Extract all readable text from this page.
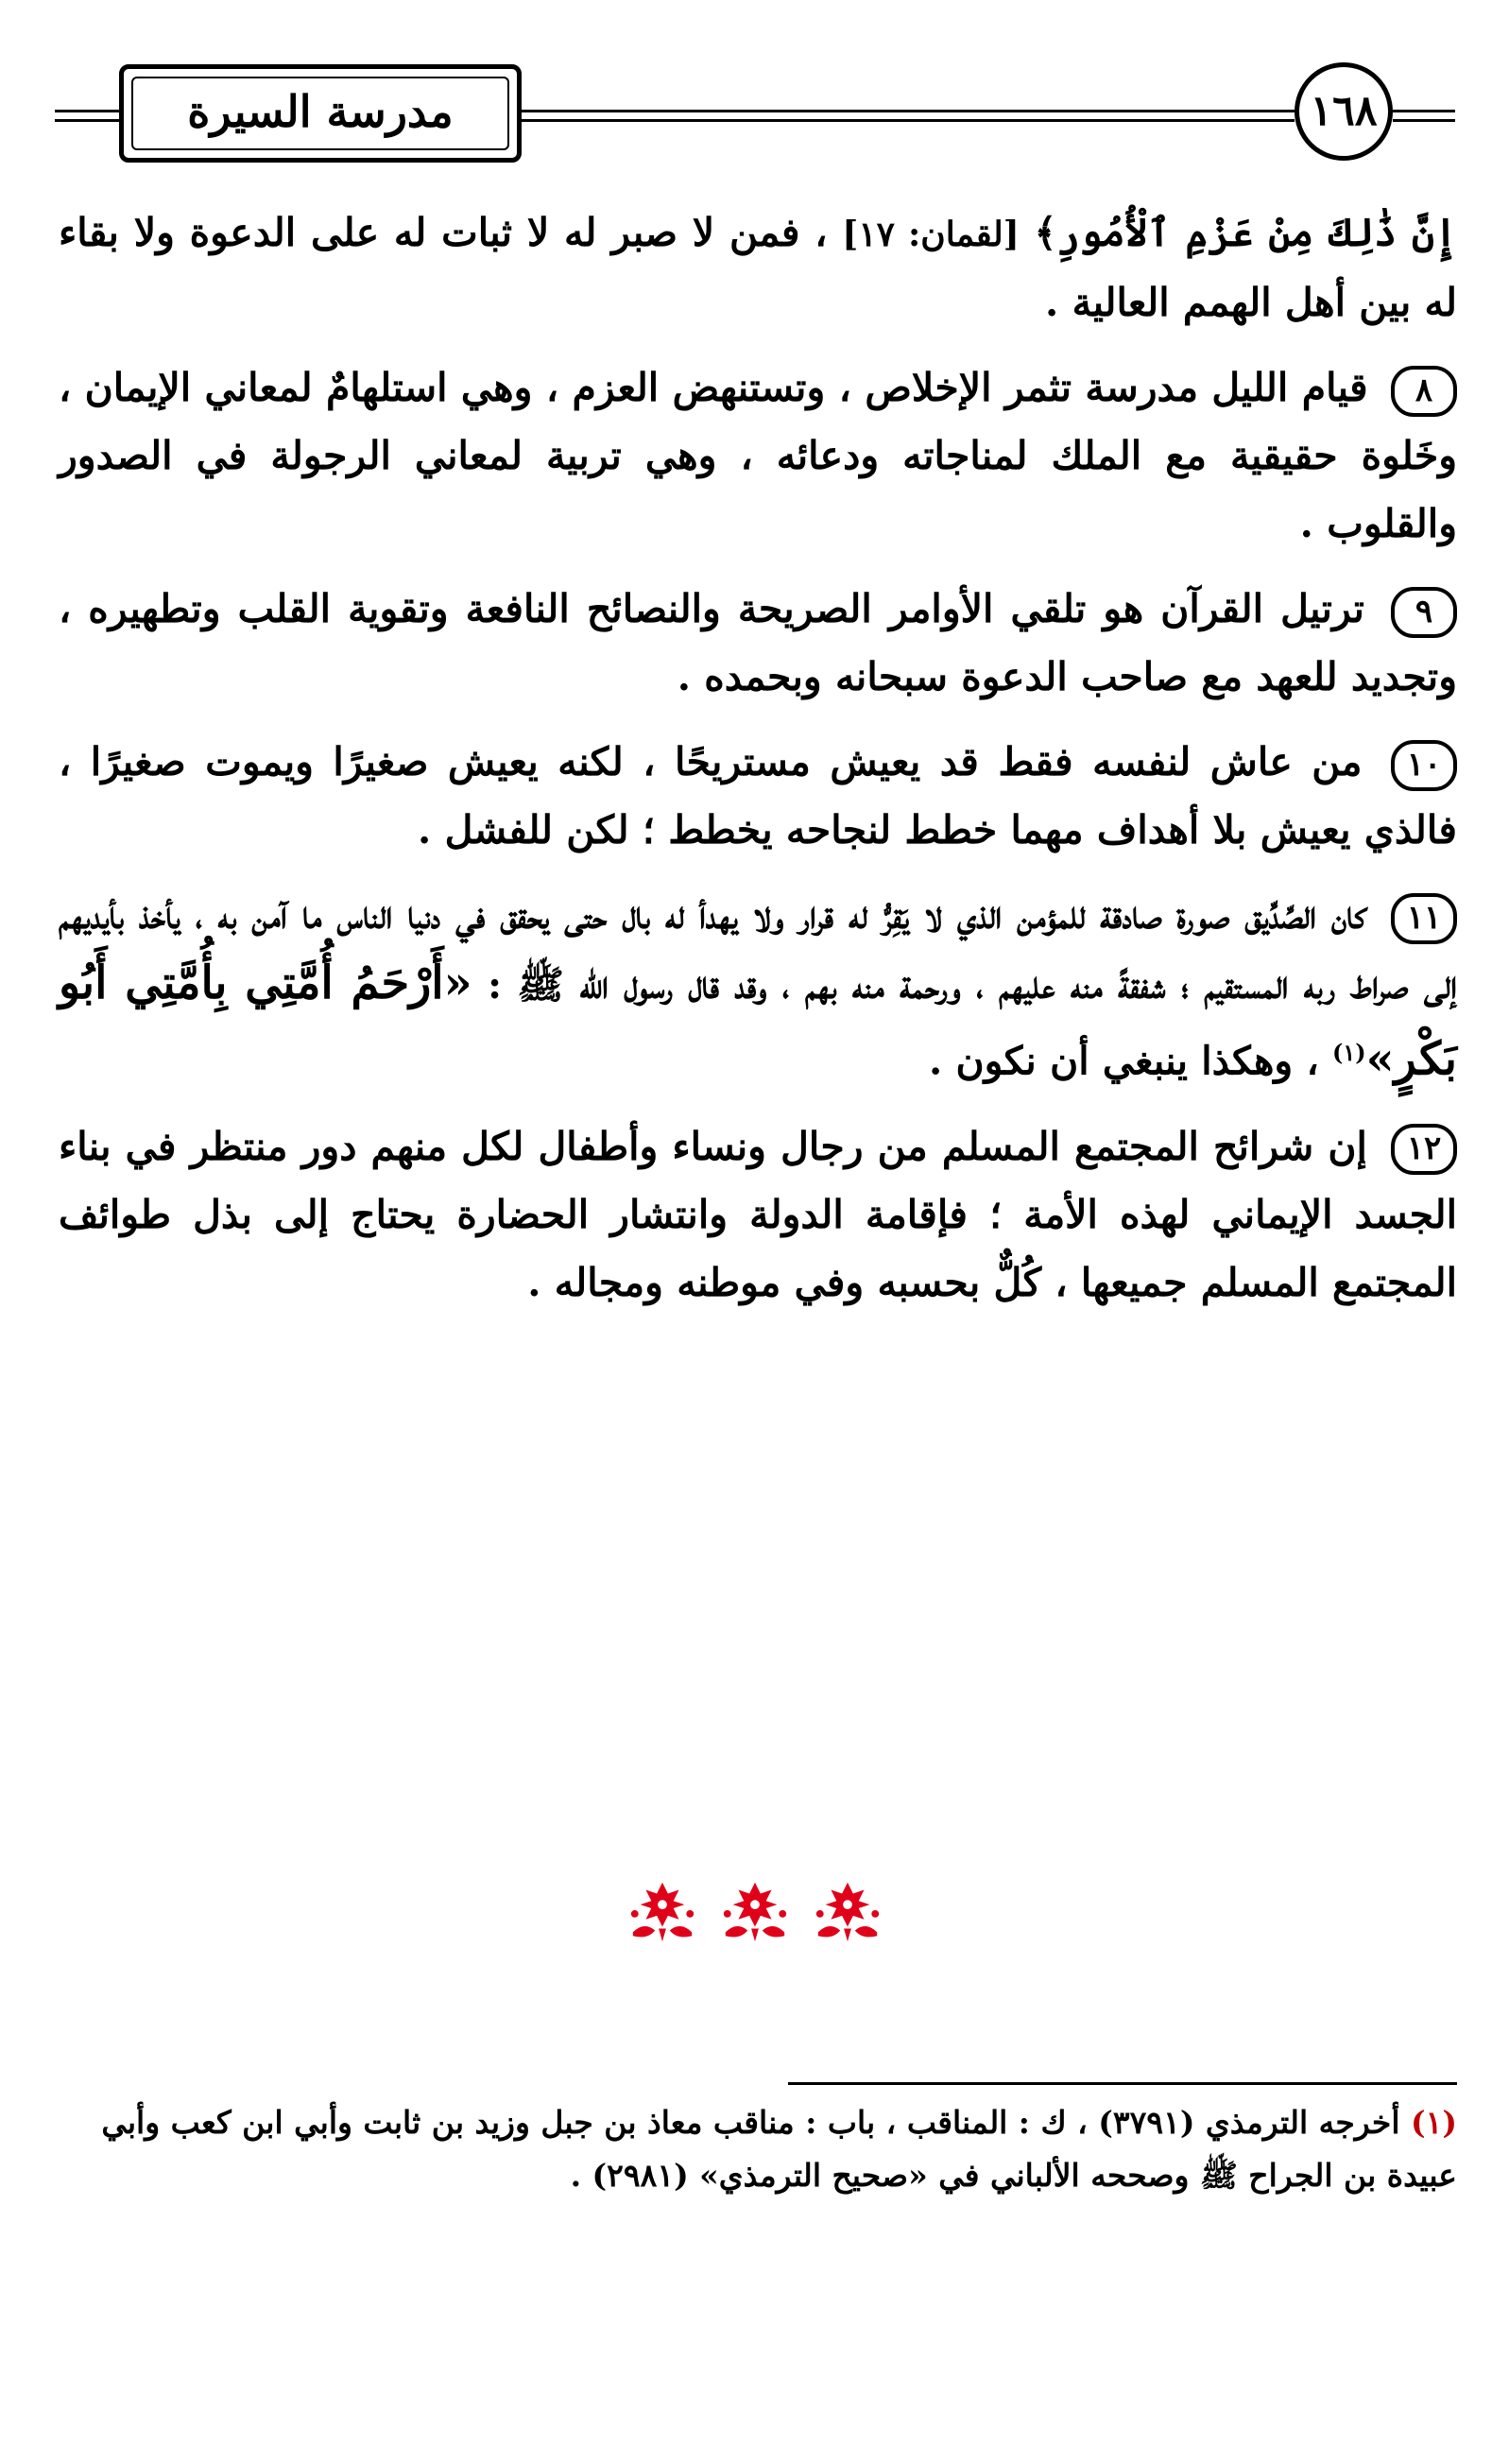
مدرسة السيرة	١٦٨

إِنَّ ذَٰلِكَ مِنْ عَزْمِ ٱلْأُمُورِ﴾ [لقمان: ١٧] ، فمن لا صبر له لا ثبات له على الدعوة ولا بقاء له بين أهل الهمم العالية .

٨ قيام الليل مدرسة تثمر الإخلاص ، وتستنهض العزم ، وهي استلهامٌ لمعاني الإيمان ، وخَلوة حقيقية مع الملك لمناجاته ودعائه ، وهي تربية لمعاني الرجولة في الصدور والقلوب .

٩ ترتيل القرآن هو تلقي الأوامر الصريحة والنصائح النافعة وتقوية القلب وتطهيره ، وتجديد للعهد مع صاحب الدعوة سبحانه وبحمده .

١٠ من عاش لنفسه فقط قد يعيش مستريحًا ، لكنه يعيش صغيرًا ويموت صغيرًا ، فالذي يعيش بلا أهداف مهما خطط لنجاحه يخطط ؛ لكن للفشل .

١١ كان الصِّدِّيق صورة صادقة للمؤمن الذي لا يَقِرُّ له قرار ولا يهدأ له بال حتى يحقق في دنيا الناس ما آمن به ، يأخذ بأيديهم إلى صراط ربه المستقيم ؛ شفقةً منه عليهم ، ورحمة منه بهم ، وقد قال رسول الله ﷺ : «أَرْحَمُ أُمَّتِي بِأُمَّتِي أَبُو بَكْرٍ»$^{(١)}$ ، وهكذا ينبغي أن نكون .

١٢ إن شرائح المجتمع المسلم من رجال ونساء وأطفال لكل منهم دور منتظر في بناء الجسد الإيماني لهذه الأمة ؛ فإقامة الدولة وانتشار الحضارة يحتاج إلى بذل طوائف المجتمع المسلم جميعها ، كُلٌّ بحسبه وفي موطنه ومجاله .

(١) أخرجه الترمذي (٣٧٩١) ، ك : المناقب ، باب : مناقب معاذ بن جبل وزيد بن ثابت وأبي ابن كعب وأبي عبيدة بن الجراح ﷺ وصححه الألباني في «صحيح الترمذي» (٢٩٨١) .
